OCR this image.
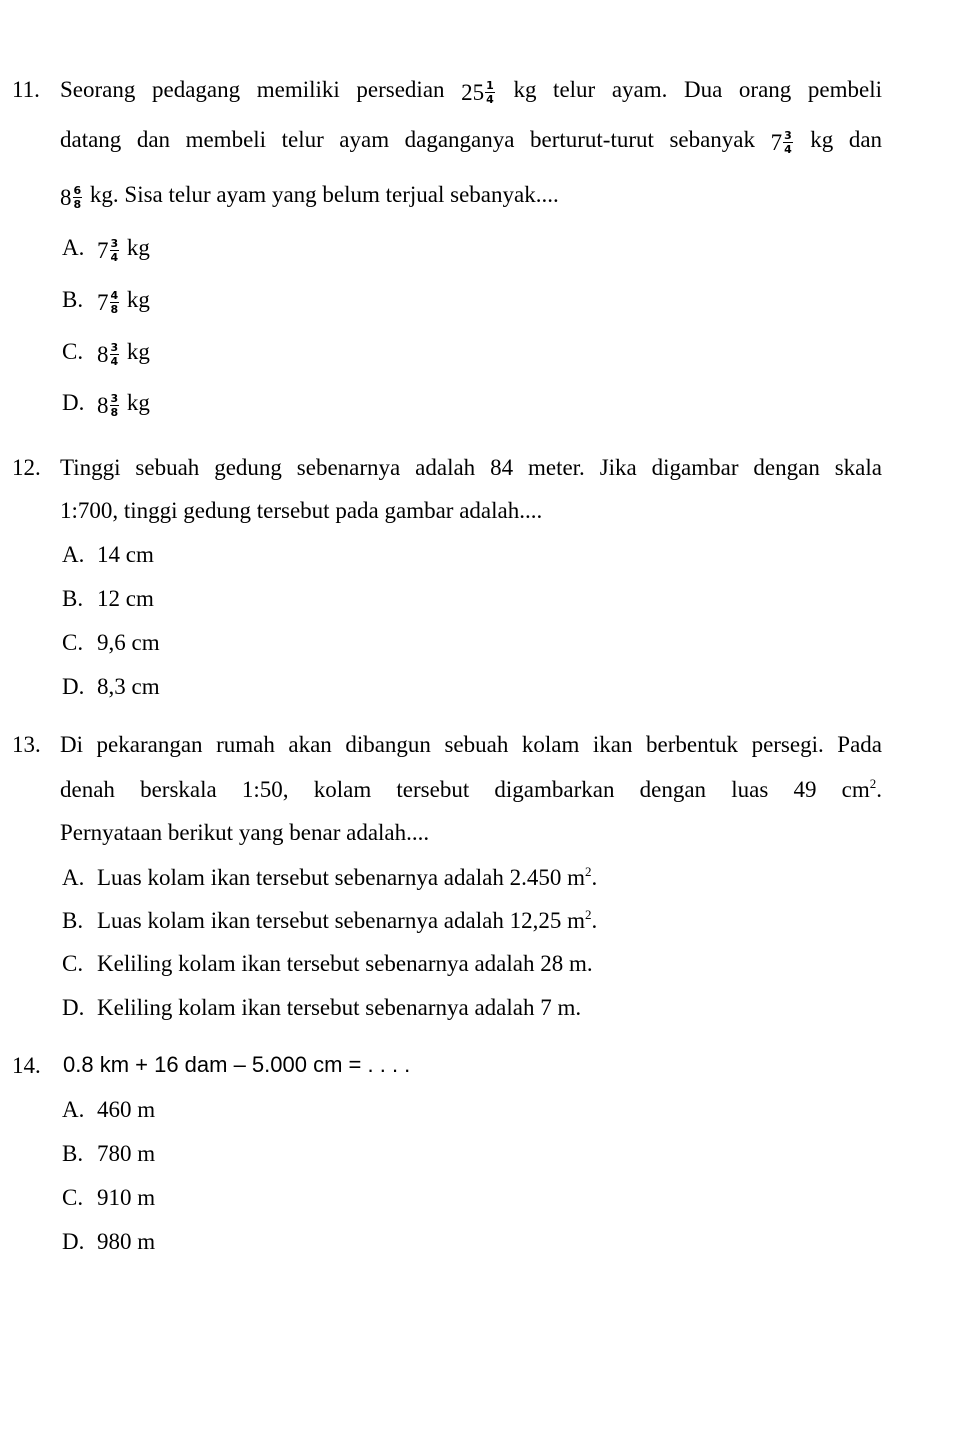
11. Seorang pedagang memiliki persedian $25 \frac{1}{4}$ kg telur ayam. Dua orang pembeli
datang dan membeli telur ayam daganganya berturut-turut sebanyak $7 \frac{3}{4}$ kg dan
$8 \frac{6}{8}$ kg. Sisa telur ayam yang belum terjual sebanyak....
A. $7 \frac{3}{4}$ kg
B. $7 \frac{4}{8}$ kg
C. $8 \frac{3}{4}$ kg
D. $8 \frac{3}{8}$ kg
12. Tinggi sebuah gedung sebenarnya adalah 84 meter. Jika digambar dengan skala
1:700, tinggi gedung tersebut pada gambar adalah....
A. 14 cm
B. 12 cm
C. 9,6 cm
D. 8,3 cm
13. Di pekarangan rumah akan dibangun sebuah kolam ikan berbentuk persegi. Pada
denah berskala 1:50, kolam tersebut digambarkan dengan luas 49 $cm^2$.
Pernyataan berikut yang benar adalah....
A. Luas kolam ikan tersebut sebenarnya adalah 2.450 $m^2$.
B. Luas kolam ikan tersebut sebenarnya adalah 12,25 $m^2$.
C. Keliling kolam ikan tersebut sebenarnya adalah 28 m.
D. Keliling kolam ikan tersebut sebenarnya adalah 7 m.
14. 0.8 km + 16 dam – 5.000 cm = . . . .
A. 460 m
B. 780 m
C. 910 m
D. 980 m
